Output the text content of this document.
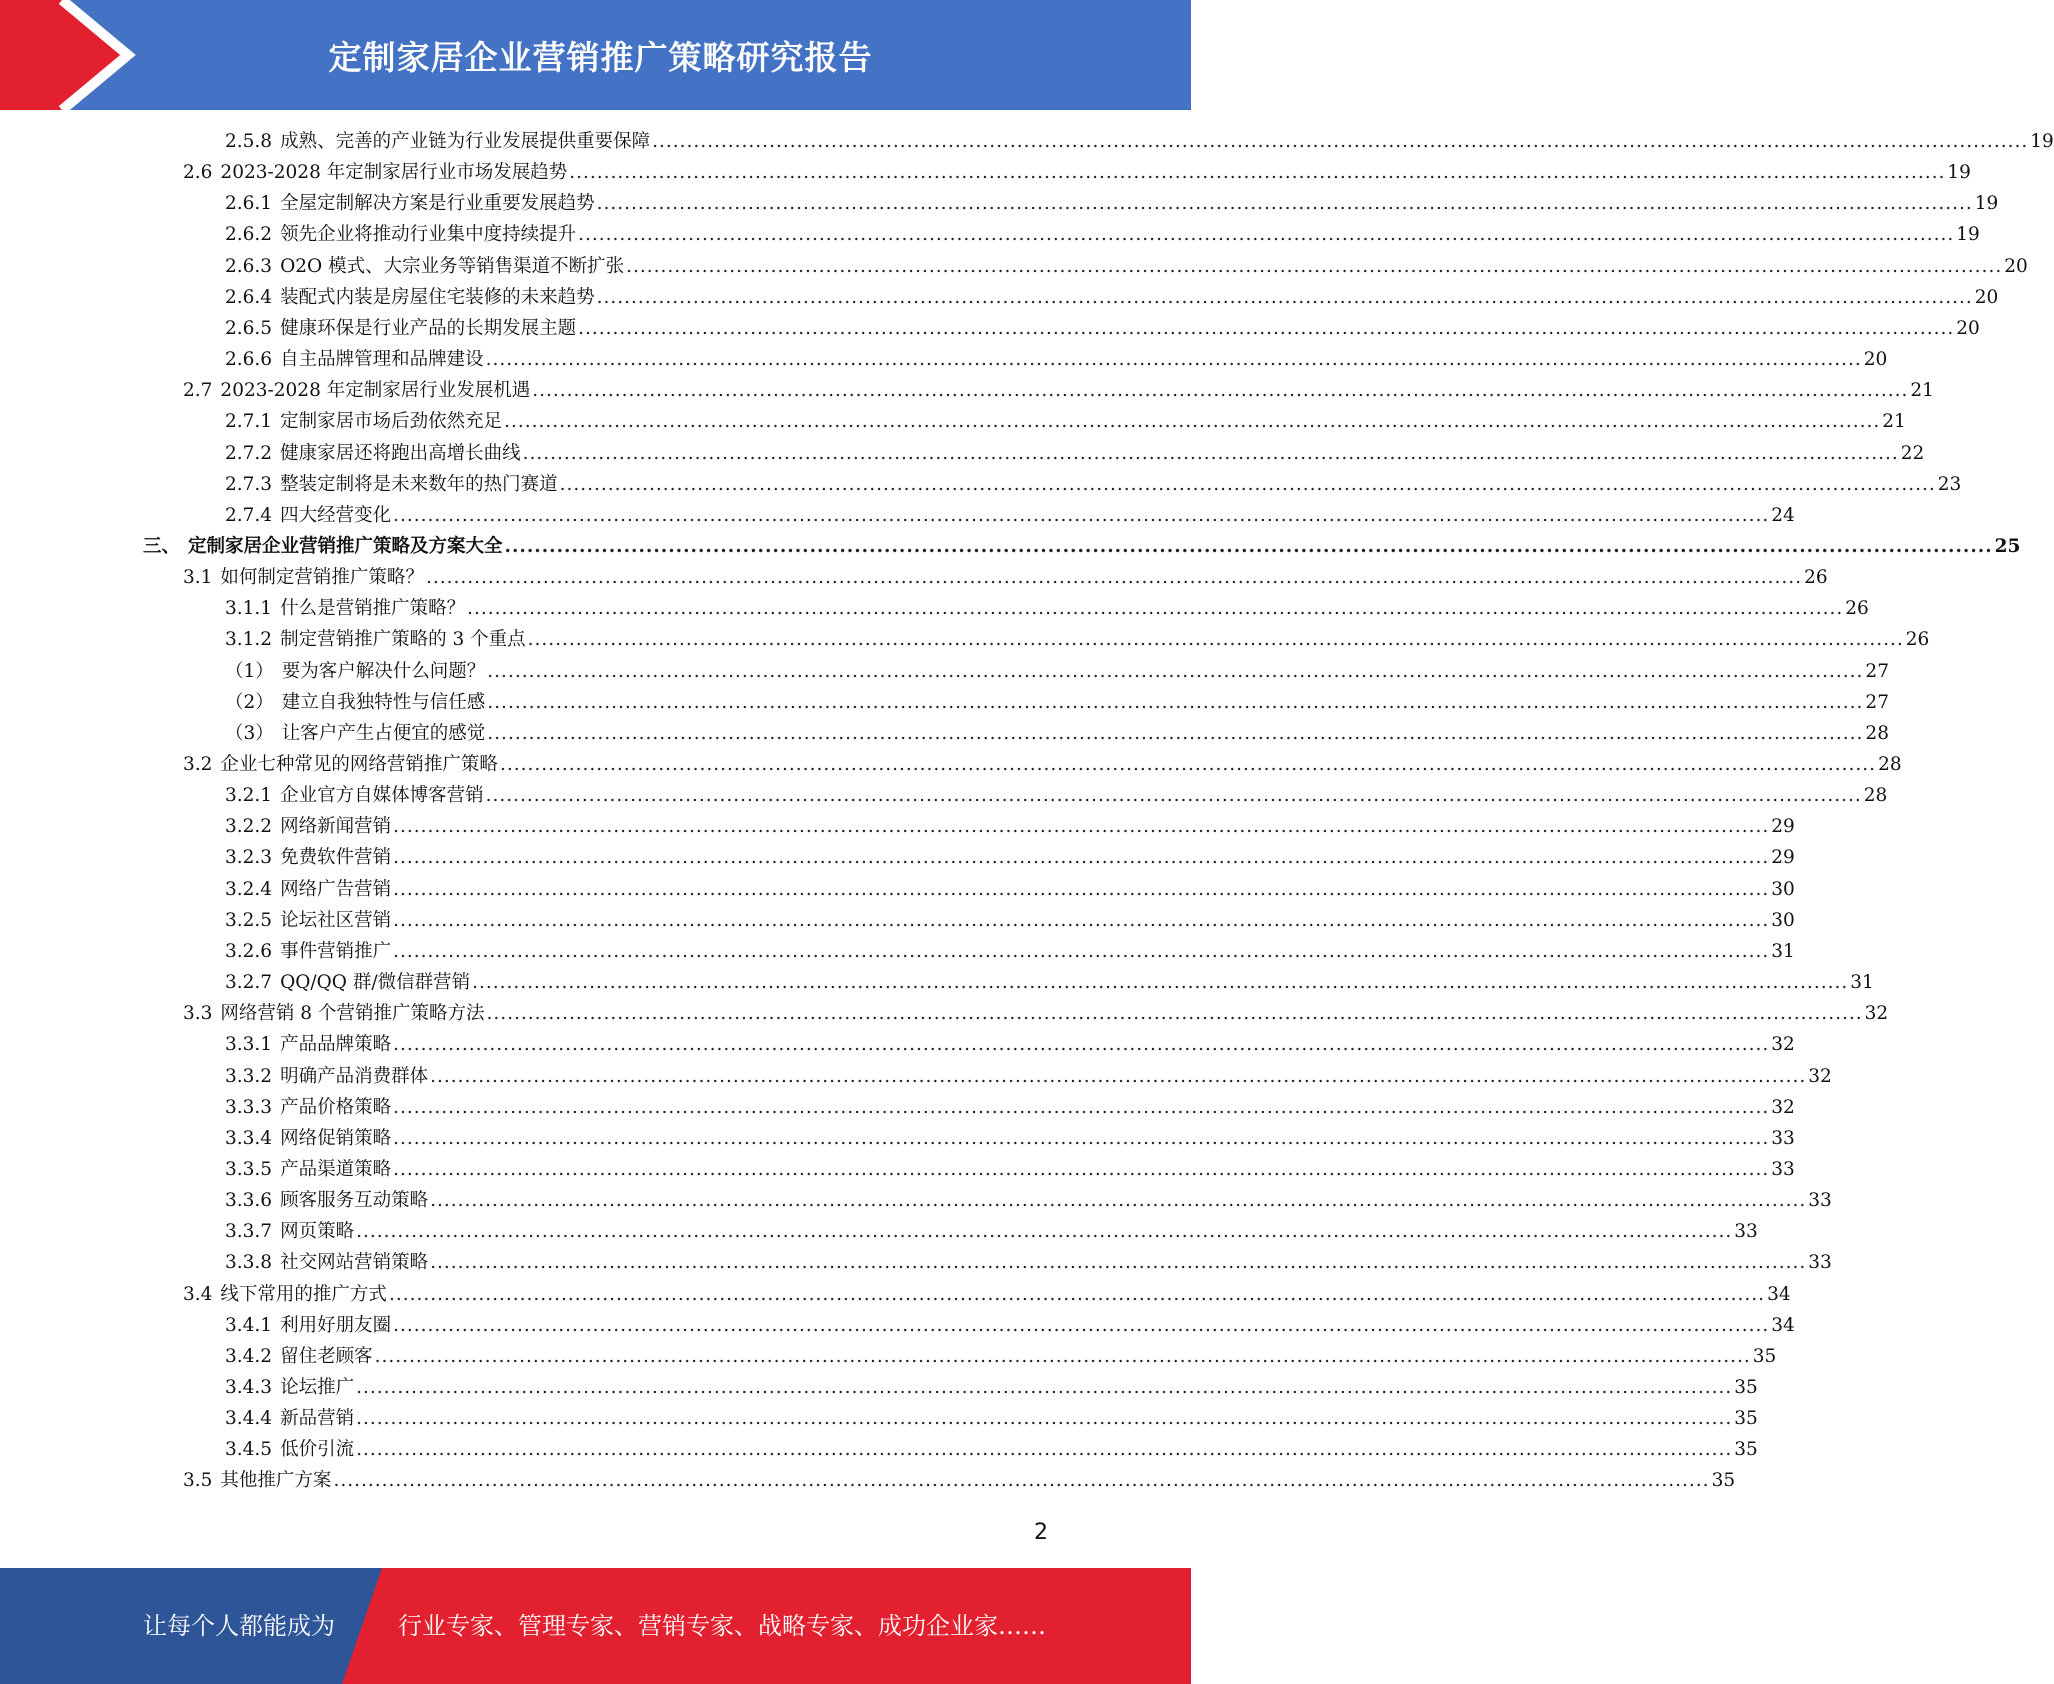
定制家居企业营销推广策略研究报告
2.5.8 成熟、完善的产业链为行业发展提供重要保障 ........................................................................................................................................................................................................ 19
2.6 2023-2028 年定制家居行业市场发展趋势 ........................................................................................................................................................................................................ 19
2.6.1 全屋定制解决方案是行业重要发展趋势 ........................................................................................................................................................................................................ 19
2.6.2 领先企业将推动行业集中度持续提升 ........................................................................................................................................................................................................ 19
2.6.3 O2O 模式、大宗业务等销售渠道不断扩张 ........................................................................................................................................................................................................ 20
2.6.4 装配式内装是房屋住宅装修的未来趋势 ........................................................................................................................................................................................................ 20
2.6.5 健康环保是行业产品的长期发展主题 ........................................................................................................................................................................................................ 20
2.6.6 自主品牌管理和品牌建设 ........................................................................................................................................................................................................ 20
2.7 2023-2028 年定制家居行业发展机遇 ........................................................................................................................................................................................................ 21
2.7.1 定制家居市场后劲依然充足 ........................................................................................................................................................................................................ 21
2.7.2 健康家居还将跑出高增长曲线 ........................................................................................................................................................................................................ 22
2.7.3 整装定制将是未来数年的热门赛道 ........................................................................................................................................................................................................ 23
2.7.4 四大经营变化 ........................................................................................................................................................................................................ 24
三、 定制家居企业营销推广策略及方案大全 ........................................................................................................................................................................................................ 25
3.1 如何制定营销推广策略？ ........................................................................................................................................................................................................ 26
3.1.1 什么是营销推广策略？ ........................................................................................................................................................................................................ 26
3.1.2 制定营销推广策略的 3 个重点 ........................................................................................................................................................................................................ 26
（1） 要为客户解决什么问题？ ........................................................................................................................................................................................................ 27
（2） 建立自我独特性与信任感 ........................................................................................................................................................................................................ 27
（3） 让客户产生占便宜的感觉 ........................................................................................................................................................................................................ 28
3.2 企业七种常见的网络营销推广策略 ........................................................................................................................................................................................................ 28
3.2.1 企业官方自媒体博客营销 ........................................................................................................................................................................................................ 28
3.2.2 网络新闻营销 ........................................................................................................................................................................................................ 29
3.2.3 免费软件营销 ........................................................................................................................................................................................................ 29
3.2.4 网络广告营销 ........................................................................................................................................................................................................ 30
3.2.5 论坛社区营销 ........................................................................................................................................................................................................ 30
3.2.6 事件营销推广 ........................................................................................................................................................................................................ 31
3.2.7 QQ/QQ 群/微信群营销 ........................................................................................................................................................................................................ 31
3.3 网络营销 8 个营销推广策略方法 ........................................................................................................................................................................................................ 32
3.3.1 产品品牌策略 ........................................................................................................................................................................................................ 32
3.3.2 明确产品消费群体 ........................................................................................................................................................................................................ 32
3.3.3 产品价格策略 ........................................................................................................................................................................................................ 32
3.3.4 网络促销策略 ........................................................................................................................................................................................................ 33
3.3.5 产品渠道策略 ........................................................................................................................................................................................................ 33
3.3.6 顾客服务互动策略 ........................................................................................................................................................................................................ 33
3.3.7 网页策略 ........................................................................................................................................................................................................ 33
3.3.8 社交网站营销策略 ........................................................................................................................................................................................................ 33
3.4 线下常用的推广方式 ........................................................................................................................................................................................................ 34
3.4.1 利用好朋友圈 ........................................................................................................................................................................................................ 34
3.4.2 留住老顾客 ........................................................................................................................................................................................................ 35
3.4.3 论坛推广 ........................................................................................................................................................................................................ 35
3.4.4 新品营销 ........................................................................................................................................................................................................ 35
3.4.5 低价引流 ........................................................................................................................................................................................................ 35
3.5 其他推广方案 ........................................................................................................................................................................................................ 35
2
让每个人都能成为	行业专家、管理专家、营销专家、战略专家、成功企业家……
